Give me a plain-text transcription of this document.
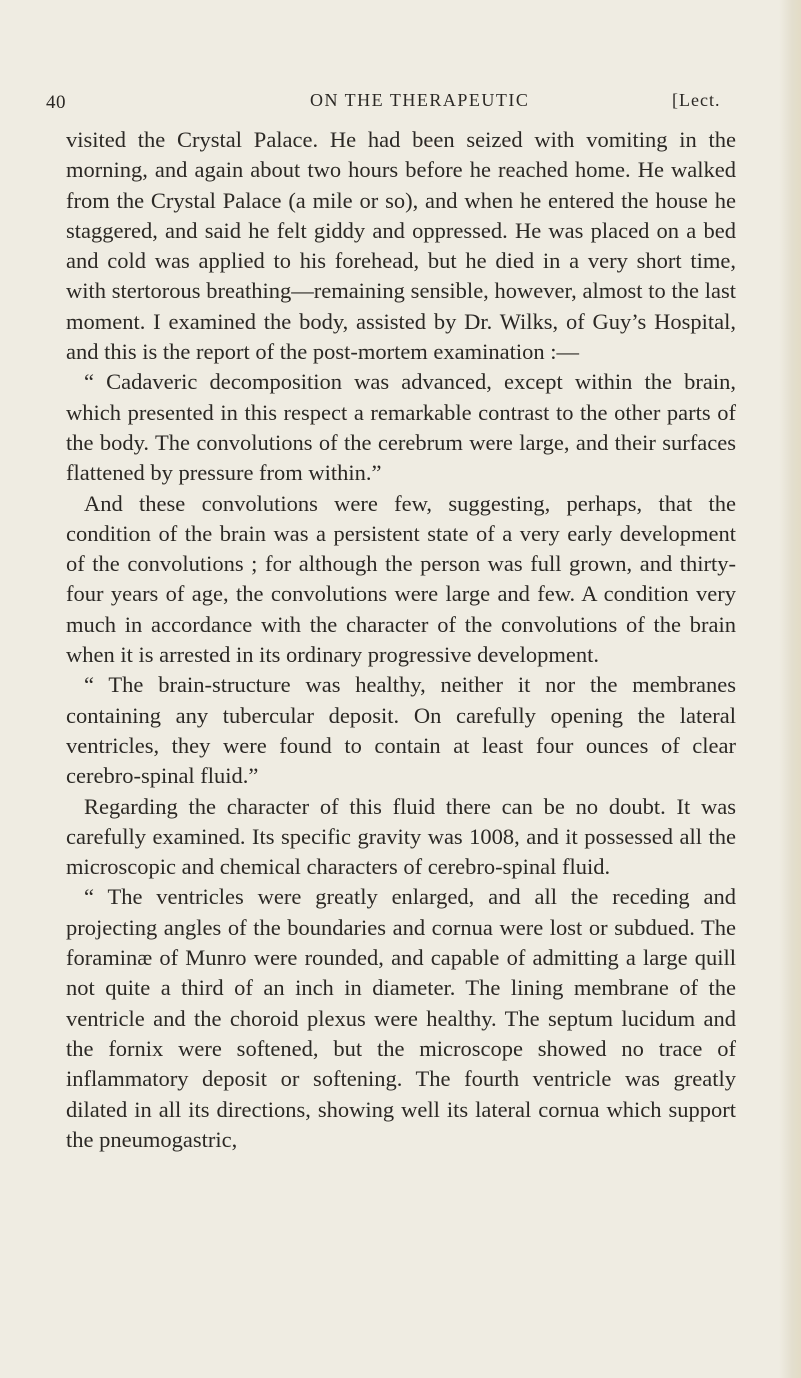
40	ON THE THERAPEUTIC	[Lect.

visited the Crystal Palace. He had been seized with vomiting in the morning, and again about two hours before he reached home. He walked from the Crystal Palace (a mile or so), and when he entered the house he staggered, and said he felt giddy and oppressed. He was placed on a bed and cold was applied to his forehead, but he died in a very short time, with stertorous breathing—remaining sensible, however, almost to the last moment. I examined the body, assisted by Dr. Wilks, of Guy’s Hospital, and this is the report of the post-mortem examination :—

“ Cadaveric decomposition was advanced, except within the brain, which presented in this respect a remarkable contrast to the other parts of the body. The convolutions of the cerebrum were large, and their surfaces flattened by pressure from within.”

And these convolutions were few, suggesting, perhaps, that the condition of the brain was a persistent state of a very early development of the convolutions ; for although the person was full grown, and thirty-four years of age, the convolutions were large and few. A condition very much in accordance with the character of the convolutions of the brain when it is arrested in its ordinary progressive development.

“ The brain-structure was healthy, neither it nor the membranes containing any tubercular deposit. On carefully opening the lateral ventricles, they were found to contain at least four ounces of clear cerebro-spinal fluid.”

Regarding the character of this fluid there can be no doubt. It was carefully examined. Its specific gravity was 1008, and it possessed all the microscopic and chemical characters of cerebro-spinal fluid.

“ The ventricles were greatly enlarged, and all the receding and projecting angles of the boundaries and cornua were lost or subdued. The foraminæ of Munro were rounded, and capable of admitting a large quill not quite a third of an inch in diameter. The lining membrane of the ventricle and the choroid plexus were healthy. The septum lucidum and the fornix were softened, but the microscope showed no trace of inflammatory deposit or softening. The fourth ventricle was greatly dilated in all its directions, showing well its lateral cornua which support the pneumogastric,
